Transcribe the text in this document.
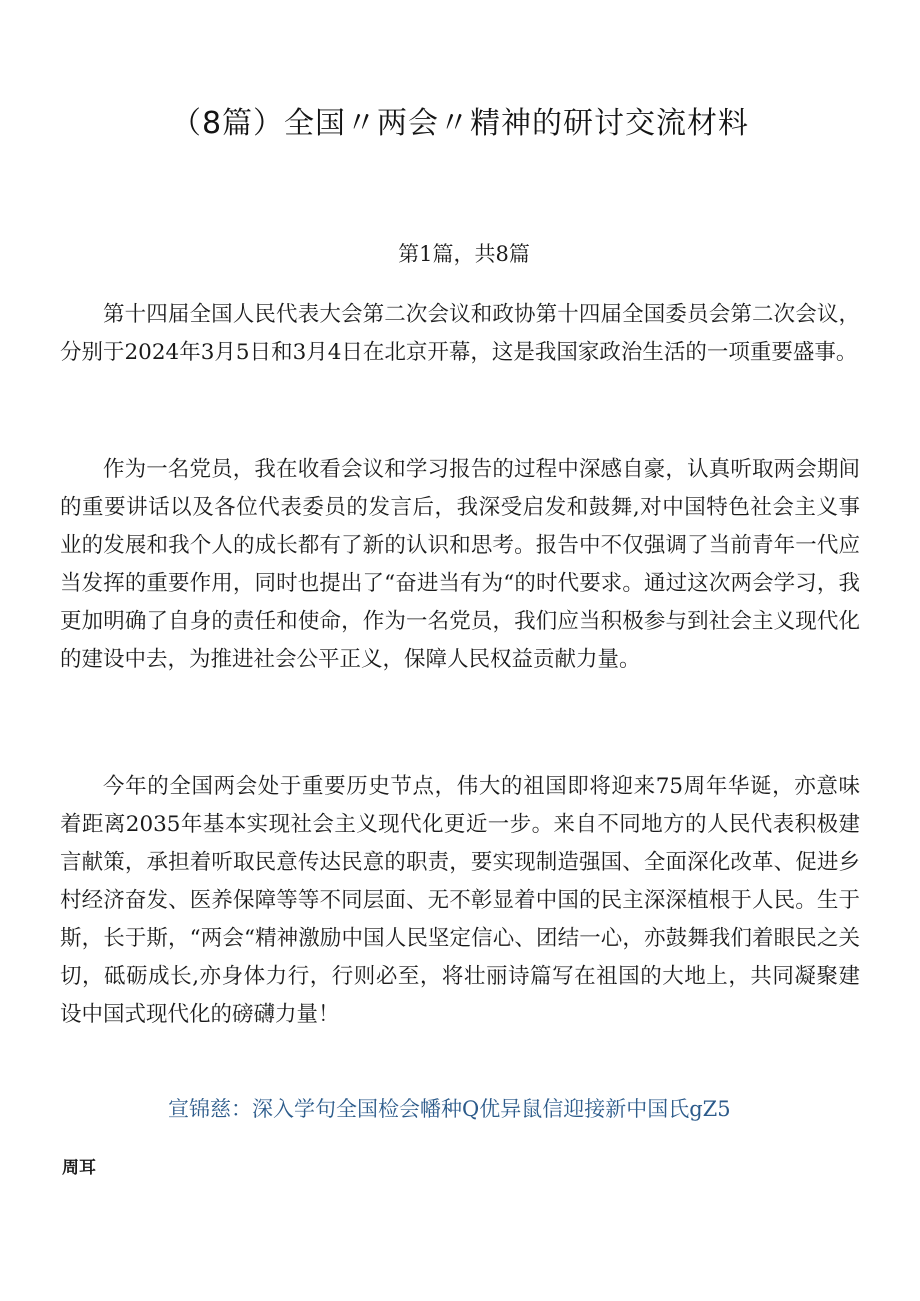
（8篇）全国〃两会〃精神的研讨交流材料
第1篇，共8篇

第十四届全国人民代表大会第二次会议和政协第十四届全国委员会第二次会议，分别于2024年3月5日和3月4日在北京开幕，这是我国家政治生活的一项重要盛事。

作为一名党员，我在收看会议和学习报告的过程中深感自豪，认真听取两会期间的重要讲话以及各位代表委员的发言后，我深受启发和鼓舞,对中国特色社会主义事业的发展和我个人的成长都有了新的认识和思考。报告中不仅强调了当前青年一代应当发挥的重要作用，同时也提出了“奋进当有为“的时代要求。通过这次两会学习，我更加明确了自身的责任和使命，作为一名党员，我们应当积极参与到社会主义现代化的建设中去，为推进社会公平正义，保障人民权益贡献力量。

今年的全国两会处于重要历史节点，伟大的祖国即将迎来75周年华诞，亦意味着距离2035年基本实现社会主义现代化更近一步。来自不同地方的人民代表积极建言献策，承担着听取民意传达民意的职责，要实现制造强国、全面深化改革、促进乡村经济奋发、医养保障等等不同层面、无不彰显着中国的民主深深植根于人民。生于斯，长于斯，“两会“精神激励中国人民坚定信心、团结一心，亦鼓舞我们着眼民之关切，砥砺成长,亦身体力行，行则必至，将壮丽诗篇写在祖国的大地上，共同凝聚建设中国式现代化的磅礴力量！

宣锦慈：深入学句全国检会幡种Q优异鼠信迎接新中国氏gZ5
周耳
